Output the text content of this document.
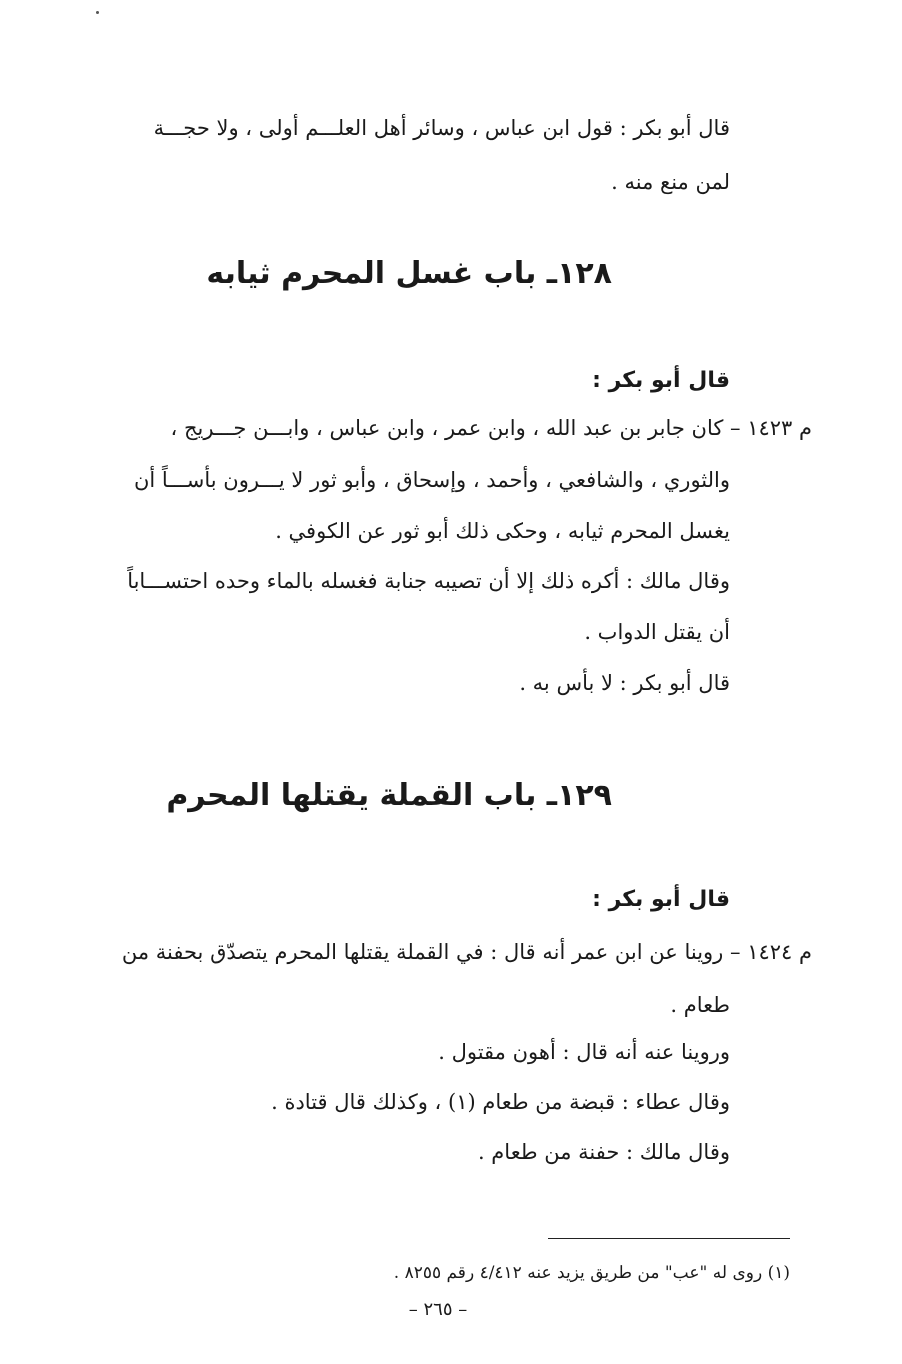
قال أبو بكر : قول ابن عباس ، وسائر أهل العلـــم أولى ، ولا حجـــة
لمن منع منه .
١٢٨ـ باب غسل المحرم ثيابه
قال أبو بكر :
م ١٤٢٣ – كان جابر بن عبد الله ، وابن عمر ، وابن عباس ، وابـــن جـــريج ،
والثوري ، والشافعي ، وأحمد ، وإسحاق ، وأبو ثور لا يـــرون بأســـاً أن
يغسل المحرم ثيابه ، وحكى ذلك أبو ثور عن الكوفي .
وقال مالك : أكره ذلك إلا أن تصيبه جنابة فغسله بالماء وحده احتســـاباً
أن يقتل الدواب .
قال أبو بكر : لا بأس به .
١٢٩ـ باب القملة يقتلها المحرم
قال أبو بكر :
م ١٤٢٤ – روينا عن ابن عمر أنه قال : في القملة يقتلها المحرم يتصدّق بحفنة من
طعام .
وروينا عنه أنه قال : أهون مقتول .
وقال عطاء : قبضة من طعام (١) ، وكذلك قال قتادة .
وقال مالك : حفنة من طعام .
(١) روى له "عب" من طريق يزيد عنه ٤/٤١٢ رقم ٨٢٥٥ .
– ٢٦٥ –
